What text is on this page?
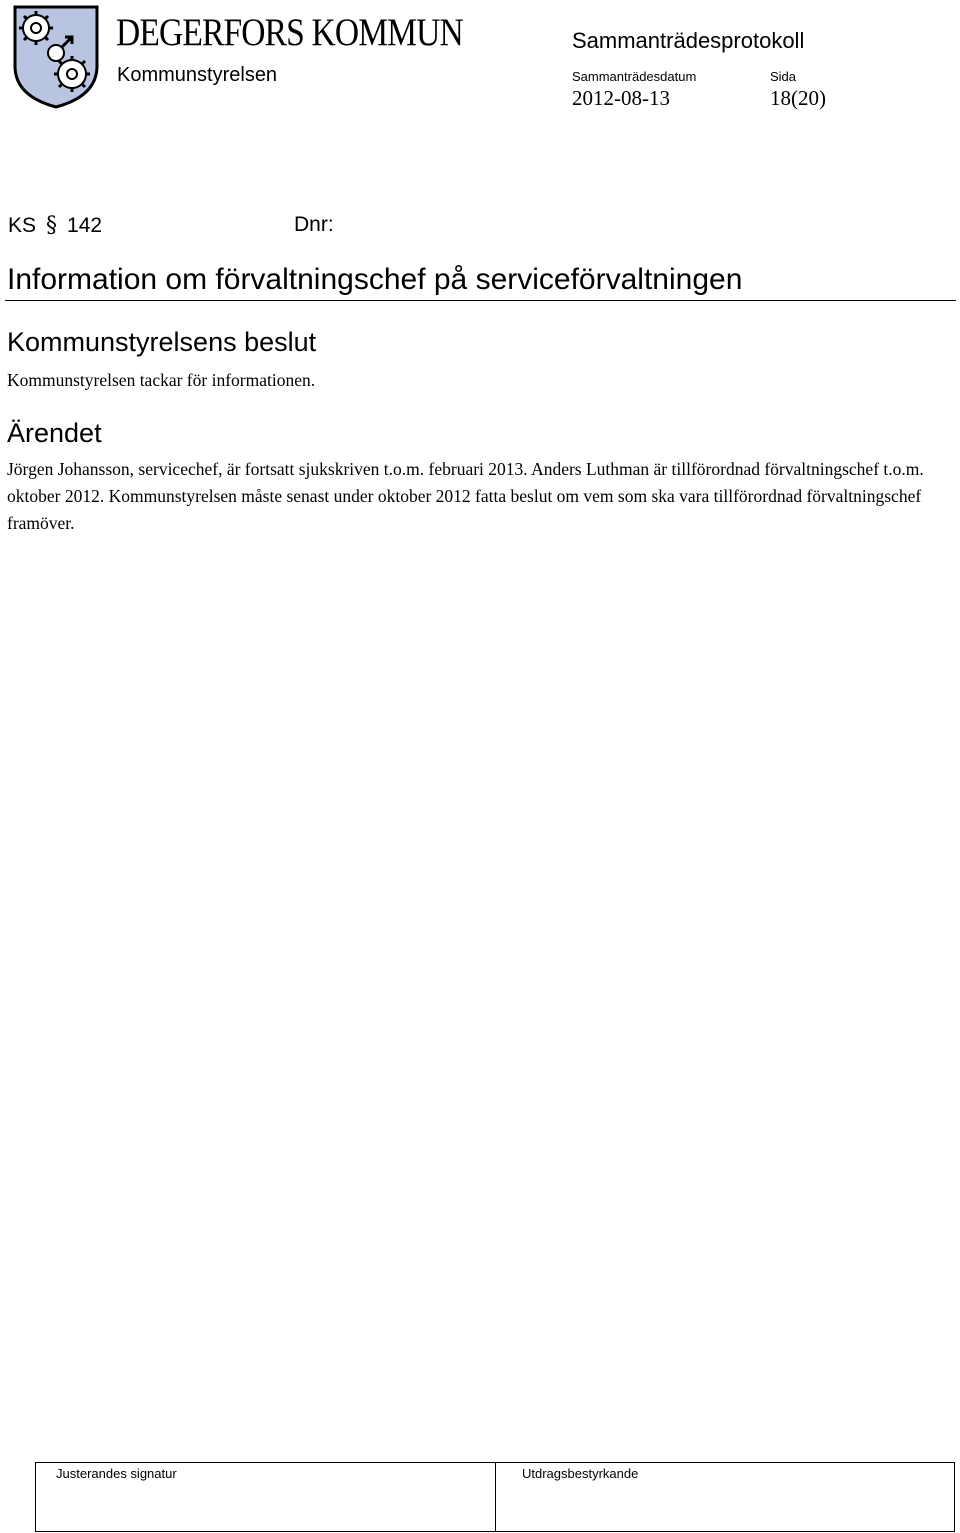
DEGERFORS KOMMUN
Kommunstyrelsen
Sammanträdesprotokoll
Sammanträdesdatum	Sida
2012-08-13	18(20)
KS § 142	Dnr:
Information om förvaltningschef på serviceförvaltningen
Kommunstyrelsens beslut
Kommunstyrelsen tackar för informationen.
Ärendet
Jörgen Johansson, servicechef, är fortsatt sjukskriven t.o.m. februari 2013. Anders Luthman är tillförordnad förvaltningschef t.o.m. oktober 2012. Kommunstyrelsen måste senast under oktober 2012 fatta beslut om vem som ska vara tillförordnad förvaltningschef framöver.
Justerandes signatur	Utdragsbestyrkande
